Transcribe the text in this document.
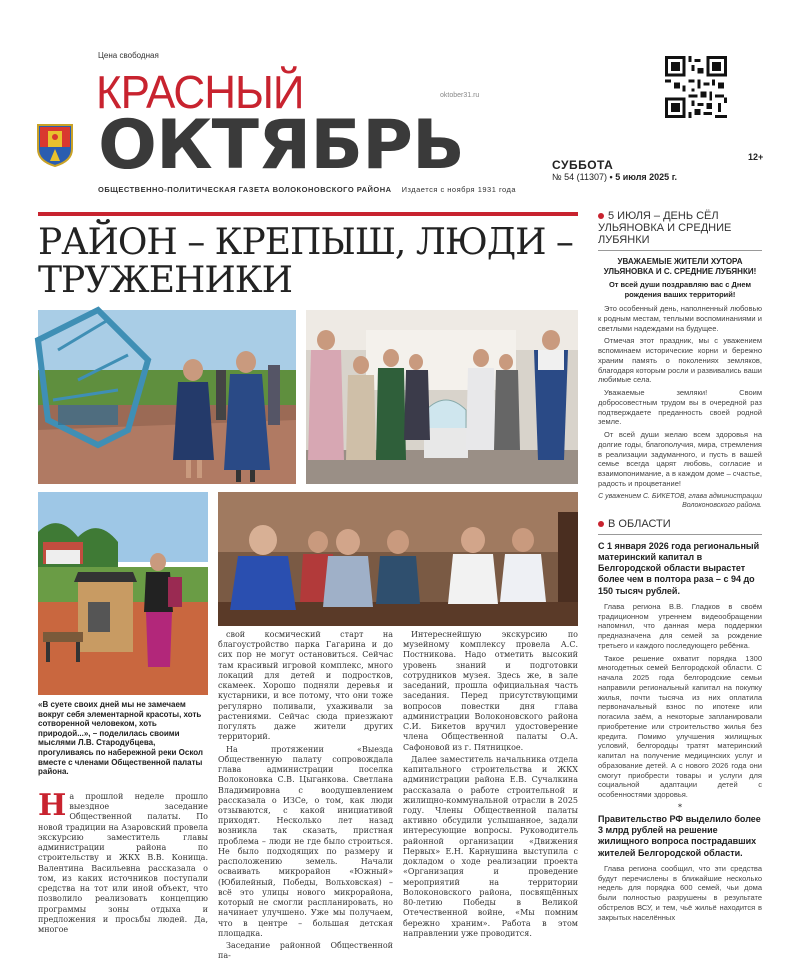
Цена свободная
oktober31.ru
КРАСНЫЙ
ОКТЯБРЬ
ОБЩЕСТВЕННО-ПОЛИТИЧЕСКАЯ ГАЗЕТА ВОЛОКОНОВСКОГО РАЙОНА Издается с ноября 1931 года
12+
СУББОТА
№ 54 (11307) • 5 июля 2025 г.
РАЙОН – КРЕПЫШ, ЛЮДИ – ТРУЖЕНИКИ
«В суете своих дней мы не замечаем вокруг себя элементарной красоты, хоть сотворенной человеком, хоть природой...», – поделилась своими мыслями Л.В. Стародубцева, прогуливаясь по набережной реки Оскол вместе с членами Общественной палаты района.
Н а прошлой неделе прошло выездное заседание Общественной палаты. По новой традиции на Азаровский провела экскурсию заместитель главы администрации района по строительству и ЖКХ В.В. Конища. Валентина Васильевна рассказала о том, из каких источников поступали средства на тот или иной объект, что позволило реализовать концепцию программы зоны отдыха и предложения и просьбы людей. Да, многое

свой космический старт на благоустройство парка Гагарина и до сих пор не могут остановиться. Сейчас там красивый игровой комплекс, много локаций для детей и подростков, скамеек. Хорошо подняли деревья и кустарники, и все потому, что они тоже регулярно поливали, ухаживали за растениями. Сейчас сюда приезжают погулять даже жители других территорий.

На протяжении «Выезда Общественную палату сопровождала глава администрации поселка Волоконовка С.В. Цыганкова. Светлана Владимировна с воодушевлением рассказала о ИЗСе, о том, как люди отзываются, с какой инициативой приходят. Несколько лет назад возникла так сказать, пристная проблема – люди не где было строиться. Не было подходящих по размеру и расположению земель. Начали осваивать микрорайон «Южный» (Юбилейный, Победы, Вольховская) – всё это улицы нового микрорайона, который не смогли распланировать, но начинает улучшено. Уже мы получаем, что в центре – большая детская площадка.

Заседание районной Общественной па-

Интереснейшую экскурсию по музейному комплексу провела А.С. Постникова. Надо отметить высокий уровень знаний и подготовки сотрудников музея. Здесь же, в зале заседаний, прошла официальная часть заседания. Перед присутствующими вопросов повестки дня глава администрации Волоконовского района С.И. Бикетов вручил удостоверение члена Общественной палаты О.А. Сафоновой из г. Пятницкое.

Далее заместитель начальника отдела капитального строительства и ЖКХ администрации района Е.В. Сучалкина рассказала о работе строительной и жилищно-коммунальной отрасли в 2025 году. Члены Общественной палаты активно обсудили услышанное, задали интересующие вопросы. Руководитель районной организации «Движения Первых» Е.Н. Карнушина выступила с докладом о ходе реализации проекта «Организация и проведение мероприятий на территории Волоконовского района, посвящённых 80-летию Победы в Великой Отечественной войне, «Мы помним бережно храним». Работа в этом направлении уже проводится.

5 ИЮЛЯ – ДЕНЬ СЁЛ УЛЬЯНОВКА И СРЕДНИЕ ЛУБЯНКИ
УВАЖАЕМЫЕ ЖИТЕЛИ ХУТОРА УЛЬЯНОВКА И С. СРЕДНИЕ ЛУБЯНКИ!
От всей души поздравляю вас с Днем рождения ваших территорий!

Это особенный день, наполненный любовью к родным местам, теплыми воспоминаниями и светлыми надеждами на будущее.

Отмечая этот праздник, мы с уважением вспоминаем исторические корни и бережно храним память о поколениях земляков, благодаря которым росли и развивались ваши любимые села.

Уважаемые земляки! Своим добросовестным трудом вы в очередной раз подтверждаете преданность своей родной земле.

От всей души желаю всем здоровья на долгие годы, благополучия, мира, стремления в реализации задуманного, и пусть в вашей семье всегда царят любовь, согласие и взаимопонимание, а в каждом доме – счастье, радость и процветание!

С уважением С. БИКЕТОВ, глава администрации Волоконовского района.
В ОБЛАСТИ
С 1 января 2026 года региональный материнский капитал в Белгородской области вырастет более чем в полтора раза – с 94 до 150 тысяч рублей.

Глава региона В.В. Гладков в своём традиционном утреннем видеообращении напомнил, что данная мера поддержки предназначена для семей за рождение третьего и каждого последующего ребёнка.

Такое решение охватит порядка 1300 многодетных семей Белгородской области. С начала 2025 года белгородские семьи направили региональный капитал на покупку жилья, почти тысяча из них оплатила первоначальный взнос по ипотеке или погасила заём, а некоторые запланировали приобретение или строительство жилья без кредита. Помимо улучшения жилищных условий, белгородцы тратят материнский капитал на получение медицинских услуг и образование детей. А с нового 2026 года они смогут приобрести товары и услуги для социальной адаптации детей с особенностями здоровья.

*
Правительство РФ выделило более 3 млрд рублей на решение жилищного вопроса пострадавших жителей Белгородской области.

Глава региона сообщил, что эти средства будут перечислены в ближайшие несколько недель для порядка 600 семей, чьи дома были полностью разрушены в результате обстрелов ВСУ, и тем, чьё жильё находится в закрытых населённых
